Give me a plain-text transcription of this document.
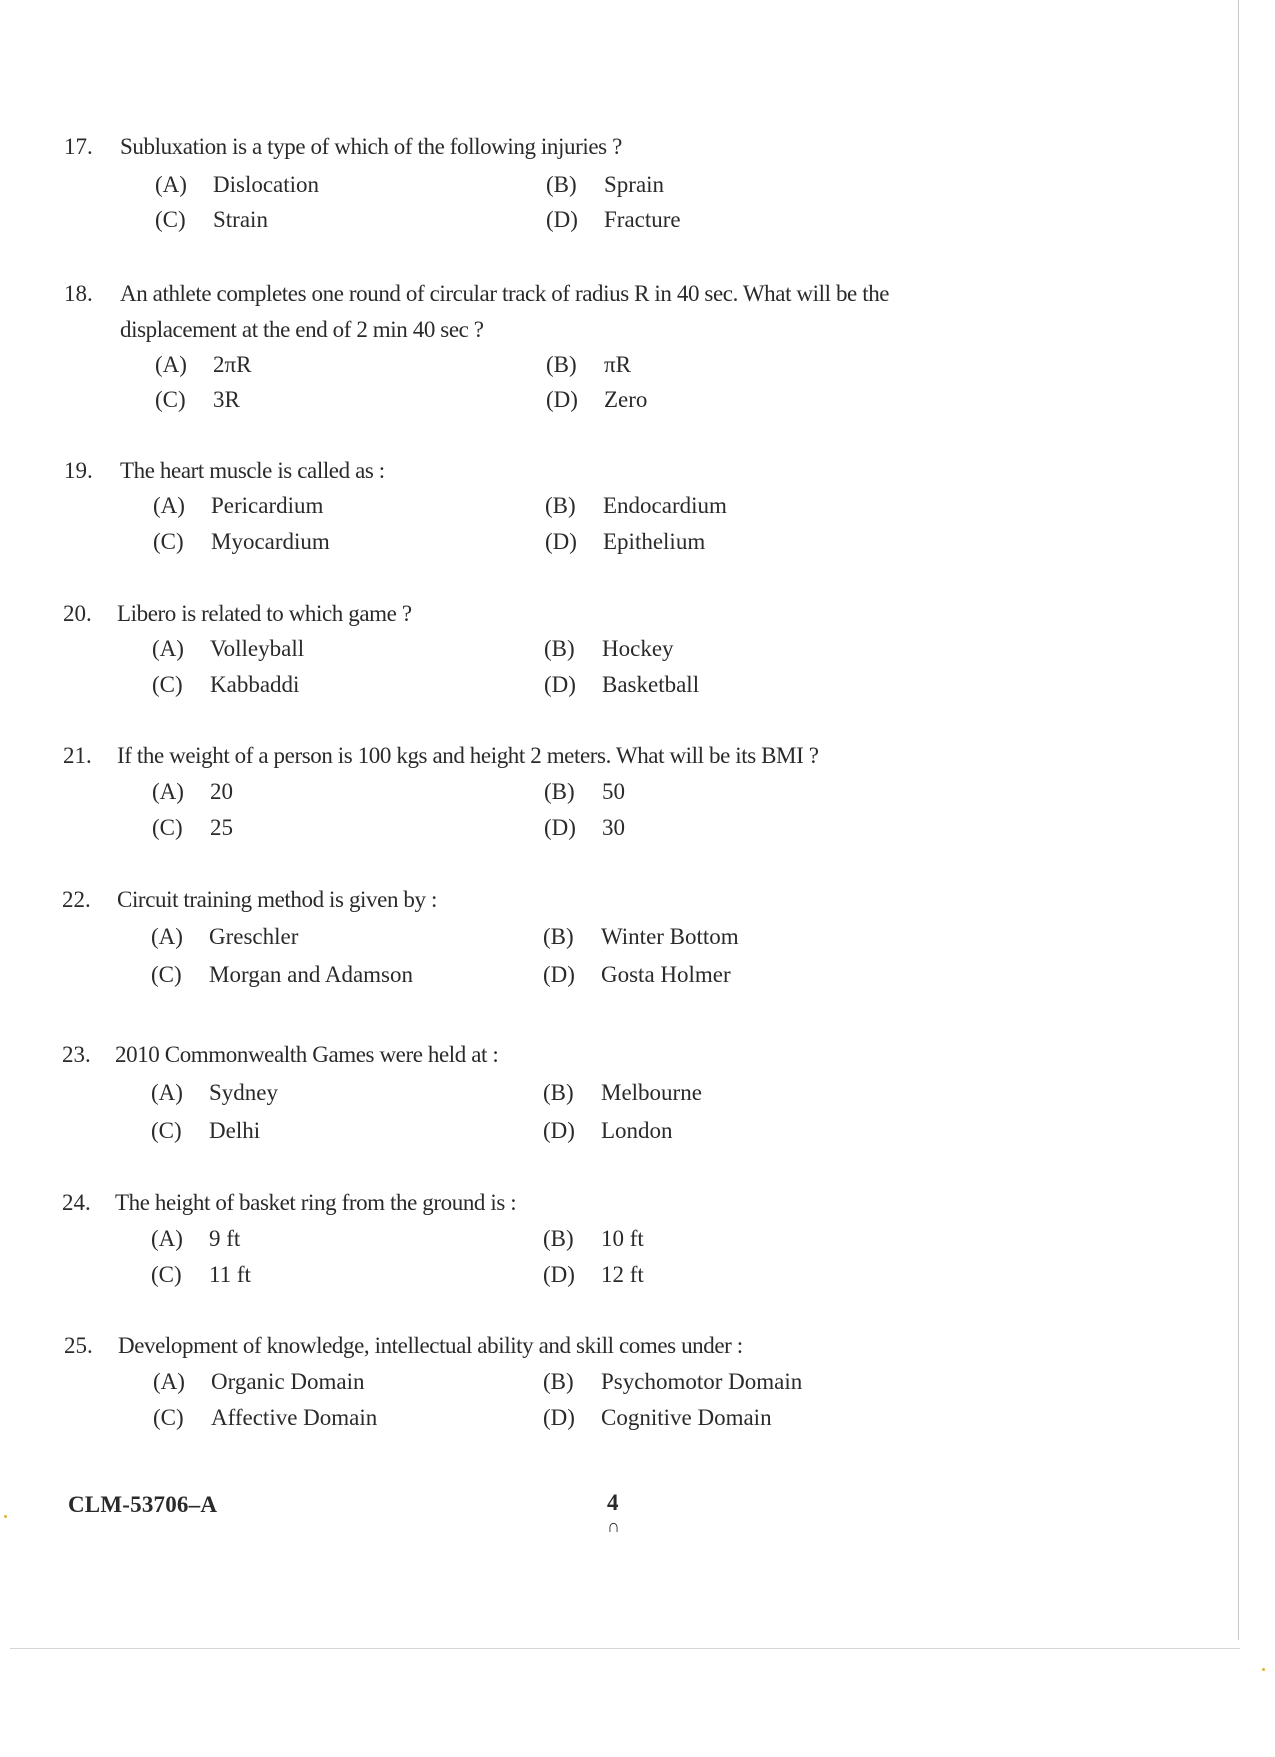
17. Subluxation is a type of which of the following injuries ?
(A) Dislocation	(B) Sprain
(C) Strain	(D) Fracture
18. An athlete completes one round of circular track of radius R in 40 sec. What will be the displacement at the end of 2 min 40 sec ?
(A) 2πR	(B) πR
(C) 3R	(D) Zero
19. The heart muscle is called as :
(A) Pericardium	(B) Endocardium
(C) Myocardium	(D) Epithelium
20. Libero is related to which game ?
(A) Volleyball	(B) Hockey
(C) Kabbaddi	(D) Basketball
21. If the weight of a person is 100 kgs and height 2 meters. What will be its BMI ?
(A) 20	(B) 50
(C) 25	(D) 30
22. Circuit training method is given by :
(A) Greschler	(B) Winter Bottom
(C) Morgan and Adamson	(D) Gosta Holmer
23. 2010 Commonwealth Games were held at :
(A) Sydney	(B) Melbourne
(C) Delhi	(D) London
24. The height of basket ring from the ground is :
(A) 9 ft	(B) 10 ft
(C) 11 ft	(D) 12 ft
25. Development of knowledge, intellectual ability and skill comes under :
(A) Organic Domain	(B) Psychomotor Domain
(C) Affective Domain	(D) Cognitive Domain
CLM-53706–A	4
∩
